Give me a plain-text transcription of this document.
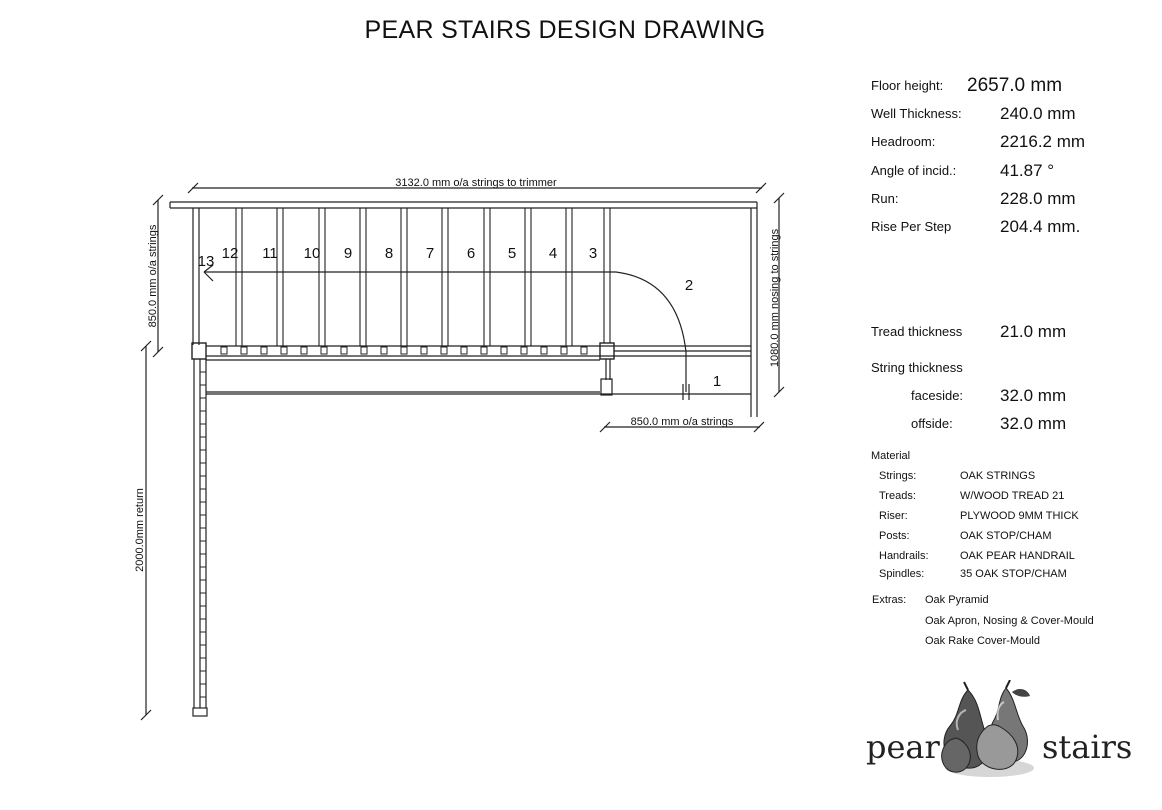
PEAR STAIRS DESIGN DRAWING
3132.0 mm o/a strings to trimmer
850.0 mm o/a strings
850.0 mm o/a strings	1080.0 mm nosing to strings
2000.0mm return
13 12 11 10 9 8 7 6 5 4 3
2
1
Floor height: 2657.0 mm
Well Thickness: 240.0 mm
Headroom:	2216.2 mm
Angle of incid.:	41.87 °
Run:	228.0 mm
Rise Per Step	204.4 mm.
Tread thickness 21.0 mm
String thickness
faceside: 32.0 mm
offside:	32.0 mm
Material
Strings:	OAK STRINGS
Treads:	W/WOOD TREAD 21
Riser:	PLYWOOD 9MM THICK
Posts:	OAK STOP/CHAM
Handrails:	OAK PEAR HANDRAIL
Spindles:	35 OAK STOP/CHAM
Extras: Oak Pyramid
Oak Apron, Nosing & Cover-Mould
Oak Rake Cover-Mould
pear	stairs
